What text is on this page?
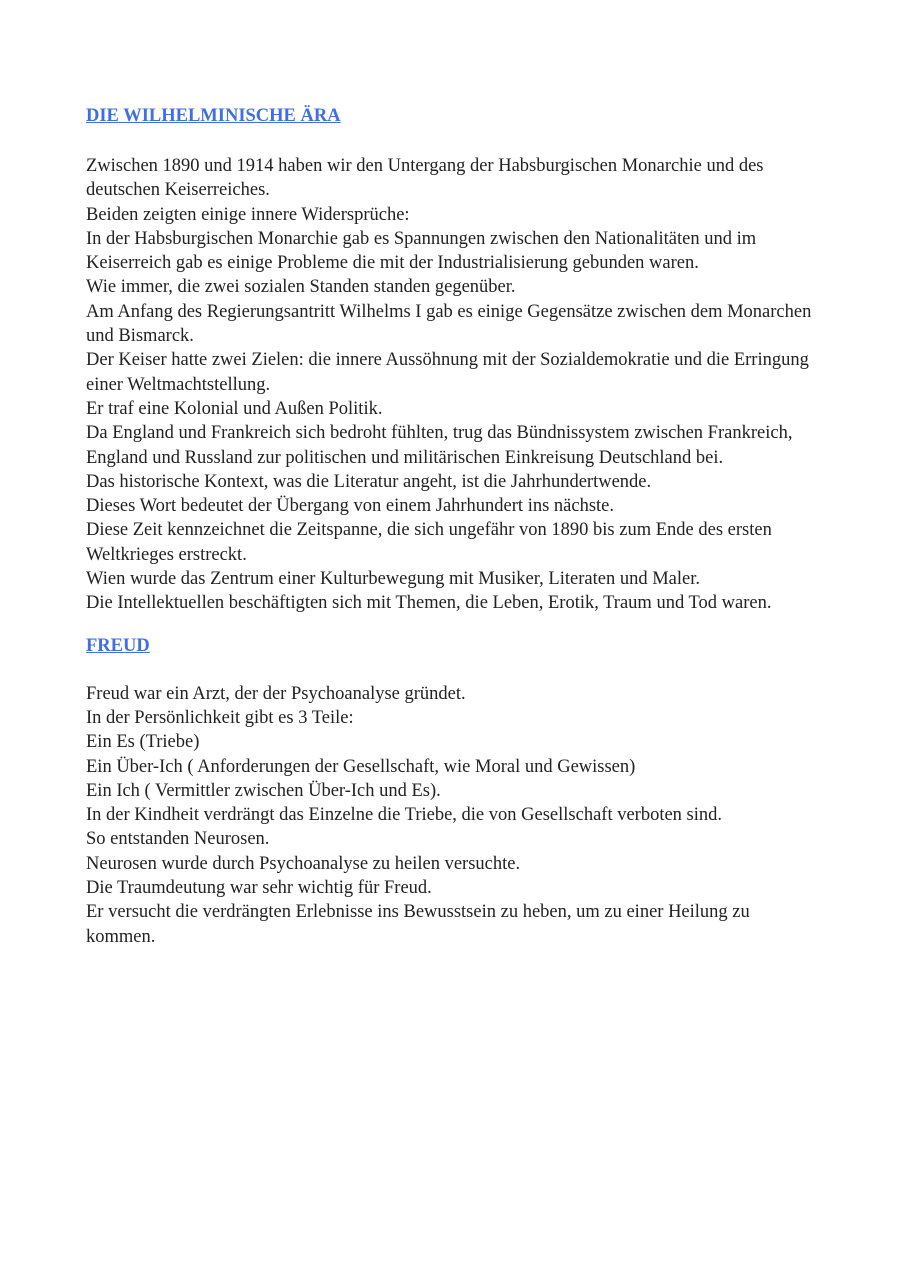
DIE WILHELMINISCHE ÄRA
Zwischen 1890 und 1914 haben wir den Untergang der Habsburgischen Monarchie und des deutschen Keiserreiches.
Beiden zeigten einige innere Widersprüche:
In der Habsburgischen Monarchie gab es Spannungen zwischen den Nationalitäten und im Keiserreich gab es einige Probleme die mit der Industrialisierung gebunden waren.
Wie immer, die zwei sozialen Standen standen gegenüber.
Am Anfang des Regierungsantritt Wilhelms I gab es einige Gegensätze zwischen dem Monarchen und Bismarck.
Der Keiser hatte zwei Zielen: die innere Aussöhnung mit der Sozialdemokratie und die Erringung einer Weltmachtstellung.
Er traf eine Kolonial und Außen Politik.
Da England und Frankreich sich bedroht fühlten, trug das Bündnissystem zwischen Frankreich, England und Russland zur politischen und militärischen Einkreisung Deutschland bei.
Das historische Kontext, was die Literatur angeht, ist die Jahrhundertwende.
Dieses Wort bedeutet der Übergang von einem Jahrhundert ins nächste.
Diese Zeit kennzeichnet die Zeitspanne, die sich ungefähr von 1890 bis zum Ende des ersten Weltkrieges erstreckt.
Wien wurde das Zentrum einer Kulturbewegung mit Musiker, Literaten und Maler.
Die Intellektuellen beschäftigten sich mit Themen, die Leben, Erotik, Traum und Tod waren.
FREUD
Freud war ein Arzt, der der Psychoanalyse gründet.
In der Persönlichkeit gibt es 3 Teile:
Ein Es (Triebe)
Ein Über-Ich ( Anforderungen der Gesellschaft, wie Moral und Gewissen)
Ein Ich ( Vermittler zwischen Über-Ich und Es).
In der Kindheit verdrängt das Einzelne die Triebe, die von Gesellschaft verboten sind.
So entstanden Neurosen.
Neurosen wurde durch Psychoanalyse zu heilen versuchte.
Die Traumdeutung war sehr wichtig für Freud.
Er versucht die verdrängten Erlebnisse ins Bewusstsein zu heben, um zu einer Heilung zu kommen.
